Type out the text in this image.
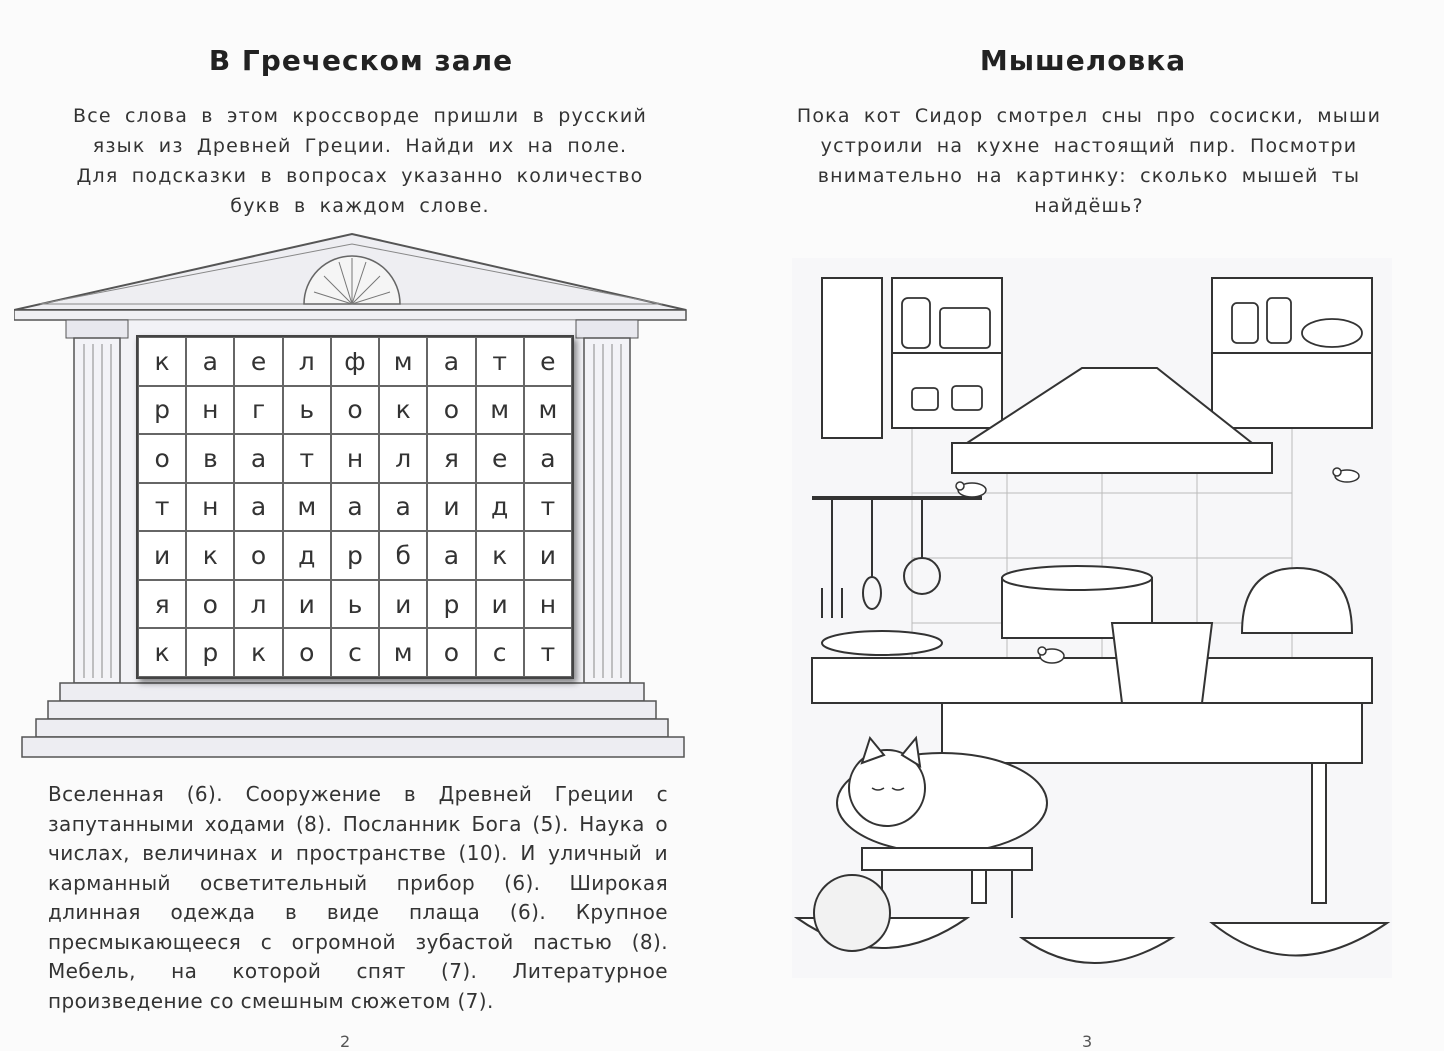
В Греческом зале
Все слова в этом кроссворде пришли в русский язык из Древней Греции. Найди их на поле. Для подсказки в вопросах указанно количество букв в каждом слове.
к	а	е	л	ф	м	а	т	е
р	н	г	ь	о	к	о	м	м
о	в	а	т	н	л	я	е	а
т	н	а	м	а	а	и	д	т
и	к	о	д	р	б	а	к	и
я	о	л	и	ь	и	р	и	н
к	р	к	о	с	м	о	с	т
Вселенная (6). Сооружение в Древней Греции с запутанными ходами (8). Посланник Бога (5). Наука о числах, величинах и пространстве (10). И уличный и карманный осветительный прибор (6). Широкая длинная одежда в виде плаща (6). Крупное пресмыкающееся с огромной зубастой пастью (8). Мебель, на которой спят (7). Литературное произведение со смешным сюжетом (7).
2
Мышеловка
Пока кот Сидор смотрел сны про сосиски, мыши устроили на кухне настоящий пир. Посмотри внимательно на картинку: сколько мышей ты найдёшь?
3
